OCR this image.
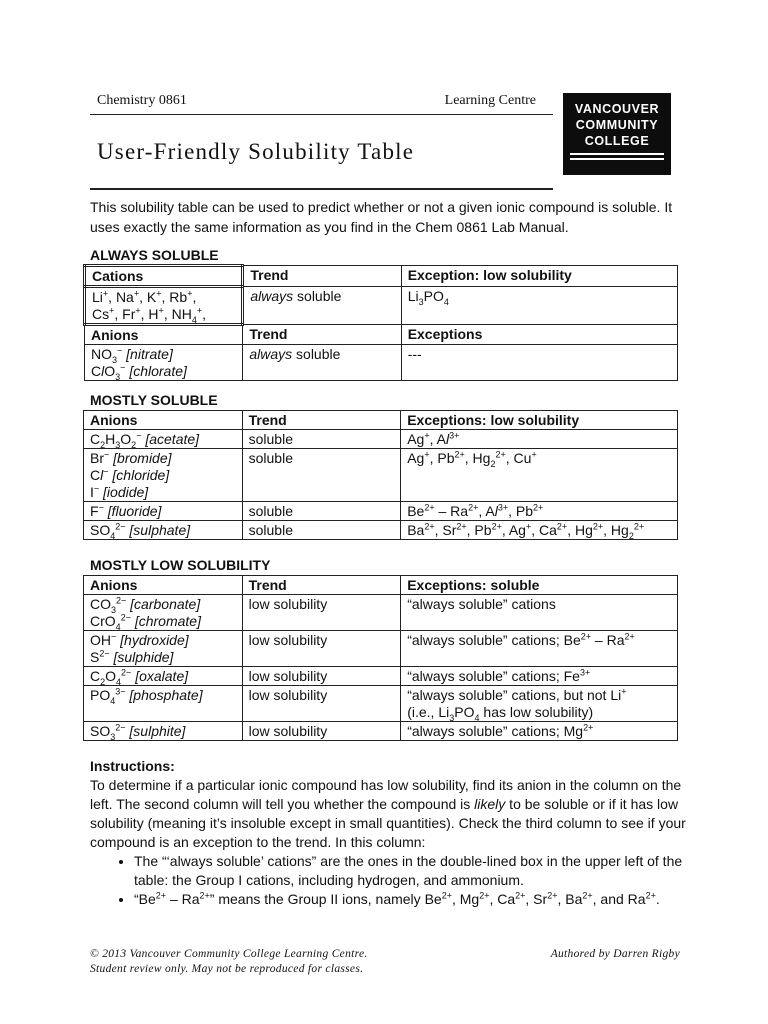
Chemistry 0861	Learning Centre
User-Friendly Solubility Table
VANCOUVER
COMMUNITY
COLLEGE

This solubility table can be used to predict whether or not a given ionic compound is soluble. It uses exactly the same information as you find in the Chem 0861 Lab Manual.

ALWAYS SOLUBLE

Cations	Trend	Exception: low solubility
Li+, Na+, K+, Rb+,
Cs+, Fr+, H+, $NH_4^+$,	always soluble	$Li_3PO_4$
Anions	Trend	Exceptions
$NO_3^-$ [nitrate]
ClO$_3$− [chlorate]	always soluble	---

MOSTLY SOLUBLE

Anions	Trend	Exceptions: low solubility
$C_2H_3O_2^-$ [acetate]	soluble	Ag+, $Al^{3+}$
Br− [bromide]
Cl− [chloride]
I− [iodide]	soluble	Ag+, $Pb^{2+}$, $Hg_2^{2+}$, Cu+
F− [fluoride]	soluble	$Be^{2+} - Ra^{2+}$, $Al^{3+}$, $Pb^{2+}$
$SO_4^{2-}$ [sulphate]	soluble	$Ba^{2+}$, $Sr^{2+}$, $Pb^{2+}$, Ag+, $Ca^{2+}$, $Hg^{2+}$, $Hg_2^{2+}$

MOSTLY LOW SOLUBILITY

Anions	Trend	Exceptions: soluble
$CO_3^{2-}$ [carbonate]
CrO$_4^{2-}$ [chromate]	low solubility	“always soluble” cations
OH− [hydroxide]
$S^{2-}$ [sulphide]	low solubility	“always soluble” cations; $Be^{2+} - Ra^{2+}$
$C_2O_4^{2-}$ [oxalate]	low solubility	“always soluble” cations; $Fe^{3+}$
$PO_4^{3-}$ [phosphate]	low solubility	“always soluble” cations, but not Li+
(i.e., $Li_3PO_4$ has low solubility)
$SO_3^{2-}$ [sulphite]	low solubility	“always soluble” cations; $Mg^{2+}$
Instructions:
To determine if a particular ionic compound has low solubility, find its anion in the column on the left. The second column will tell you whether the compound is likely to be soluble or if it has low solubility (meaning it’s insoluble except in small quantities). Check the third column to see if your compound is an exception to the trend. In this column:
• The “‘always soluble’ cations” are the ones in the double-lined box in the upper left of the table: the Group I cations, including hydrogen, and ammonium.
• “$Be^{2+} - Ra^{2+}$” means the Group II ions, namely $Be^{2+}$, $Mg^{2+}$, $Ca^{2+}$, $Sr^{2+}$, $Ba^{2+}$, and $Ra^{2+}$.
© 2013 Vancouver Community College Learning Centre.
Student review only. May not be reproduced for classes.
Authored by Darren Rigby
